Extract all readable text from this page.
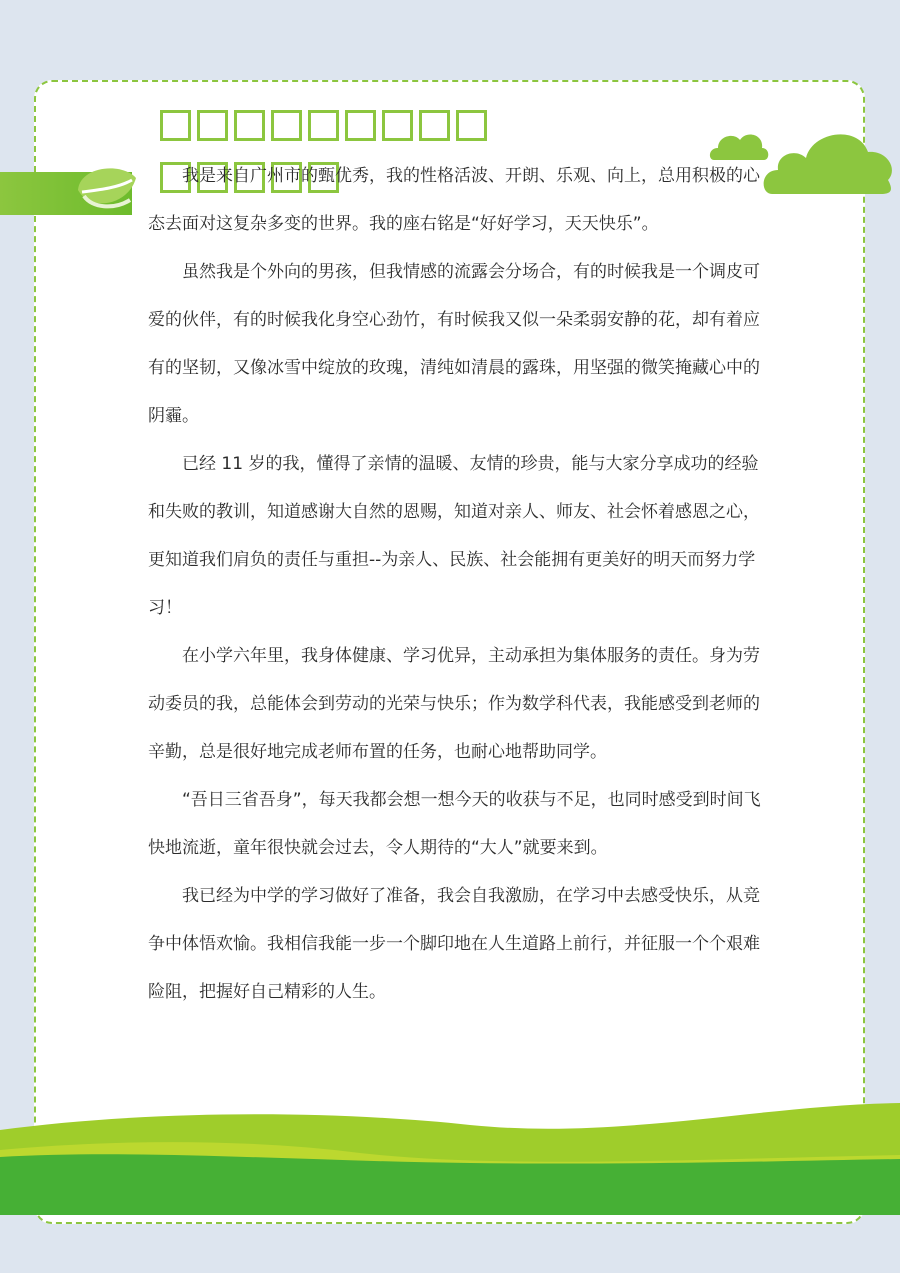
我是来自广州市的甄优秀，我的性格活波、开朗、乐观、向上，总用积极的心态去面对这复杂多变的世界。我的座右铭是“好好学习，天天快乐”。

虽然我是个外向的男孩，但我情感的流露会分场合，有的时候我是一个调皮可爱的伙伴，有的时候我化身空心劲竹，有时候我又似一朵柔弱安静的花，却有着应有的坚韧，又像冰雪中绽放的玫瑰，清纯如清晨的露珠，用坚强的微笑掩藏心中的阴霾。

已经 11 岁的我，懂得了亲情的温暖、友情的珍贵，能与大家分享成功的经验和失败的教训，知道感谢大自然的恩赐，知道对亲人、师友、社会怀着感恩之心，更知道我们肩负的责任与重担--为亲人、民族、社会能拥有更美好的明天而努力学习！

在小学六年里，我身体健康、学习优异，主动承担为集体服务的责任。身为劳动委员的我，总能体会到劳动的光荣与快乐；作为数学科代表，我能感受到老师的辛勤，总是很好地完成老师布置的任务，也耐心地帮助同学。

“吾日三省吾身”，每天我都会想一想今天的收获与不足，也同时感受到时间飞快地流逝，童年很快就会过去，令人期待的“大人”就要来到。

我已经为中学的学习做好了准备，我会自我激励，在学习中去感受快乐，从竞争中体悟欢愉。我相信我能一步一个脚印地在人生道路上前行，并征服一个个艰难险阻，把握好自己精彩的人生。
